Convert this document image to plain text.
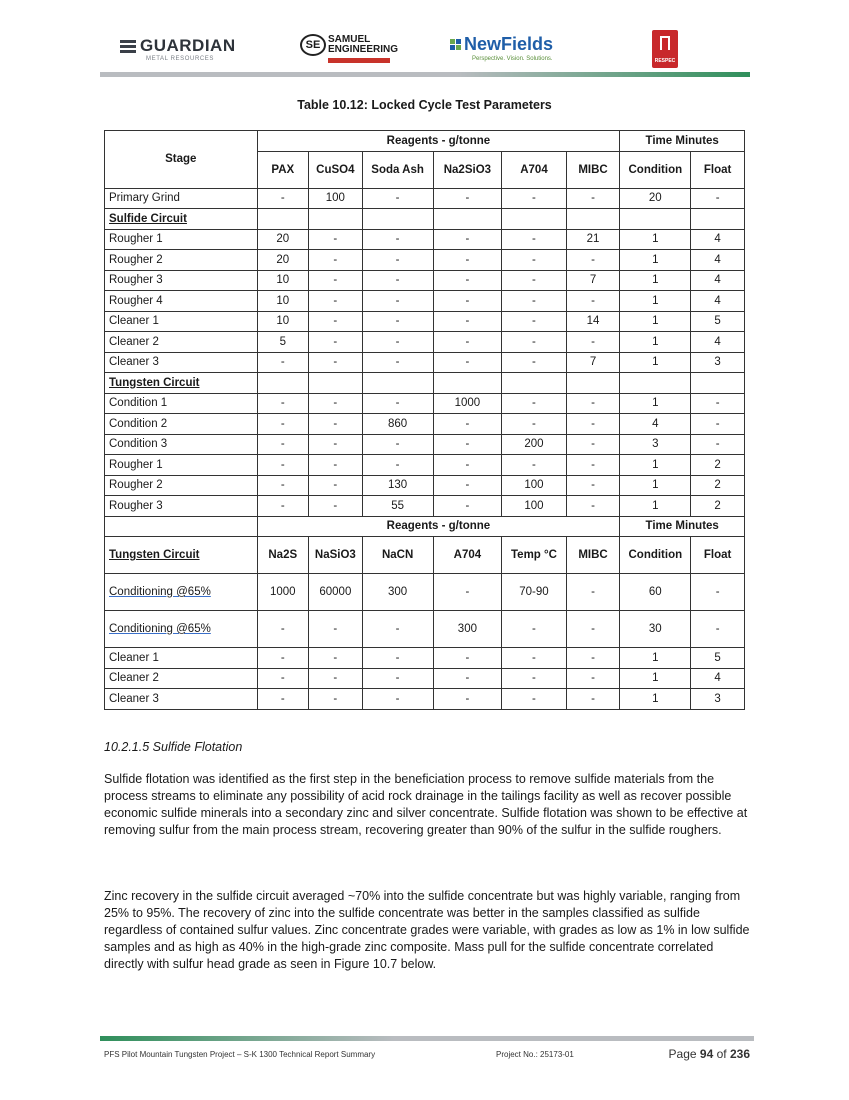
GUARDIAN
METAL RESOURCES
SE SAMUEL
ENGINEERING	NewFields
Perspective. Vision. Solutions.	RESPEC
Table 10.12: Locked Cycle Test Parameters
Stage	Reagents - g/tonne						Time Minutes	
	PAX	CuSO4	Soda Ash	Na2SiO3	A704	MIBC	Condition	Float
Primary Grind	-	100	-	-	-	-	20	-
Sulfide Circuit								
Rougher 1	20	-	-	-	-	21	1	4
Rougher 2	20	-	-	-	-	-	1	4
Rougher 3	10	-	-	-	-	7	1	4
Rougher 4	10	-	-	-	-	-	1	4
Cleaner 1	10	-	-	-	-	14	1	5
Cleaner 2	5	-	-	-	-	-	1	4
Cleaner 3	-	-	-	-	-	7	1	3
Tungsten Circuit								
Condition 1	-	-	-	1000	-	-	1	-
Condition 2	-	-	860	-	-	-	4	-
Condition 3	-	-	-	-	200	-	3	-
Rougher 1	-	-	-	-	-	-	1	2
Rougher 2	-	-	130	-	100	-	1	2
Rougher 3	-	-	55	-	100	-	1	2
	Reagents - g/tonne						Time Minutes	
Tungsten Circuit	Na2S	NaSiO3	NaCN	A704	Temp °C	MIBC	Condition	Float
Conditioning @65%	1000	60000	300	-	70-90	-	60	-
Conditioning @65%	-	-	-	300	-	-	30	-
Cleaner 1	-	-	-	-	-	-	1	5
Cleaner 2	-	-	-	-	-	-	1	4
Cleaner 3	-	-	-	-	-	-	1	3
10.2.1.5 Sulfide Flotation
Sulfide flotation was identified as the first step in the beneficiation process to remove sulfide materials from the process streams to eliminate any possibility of acid rock drainage in the tailings facility as well as recover possible economic sulfide minerals into a secondary zinc and silver concentrate. Sulfide flotation was shown to be effective at removing sulfur from the main process stream, recovering greater than 90% of the sulfur in the sulfide roughers.
Zinc recovery in the sulfide circuit averaged ~70% into the sulfide concentrate but was highly variable, ranging from 25% to 95%. The recovery of zinc into the sulfide concentrate was better in the samples classified as sulfide regardless of contained sulfur values. Zinc concentrate grades were variable, with grades as low as 1% in low sulfide samples and as high as 40% in the high-grade zinc composite. Mass pull for the sulfide concentrate correlated directly with sulfur head grade as seen in Figure 10.7 below.
PFS Pilot Mountain Tungsten Project – S-K 1300 Technical Report Summary	Project No.: 25173-01	Page 94 of 236
